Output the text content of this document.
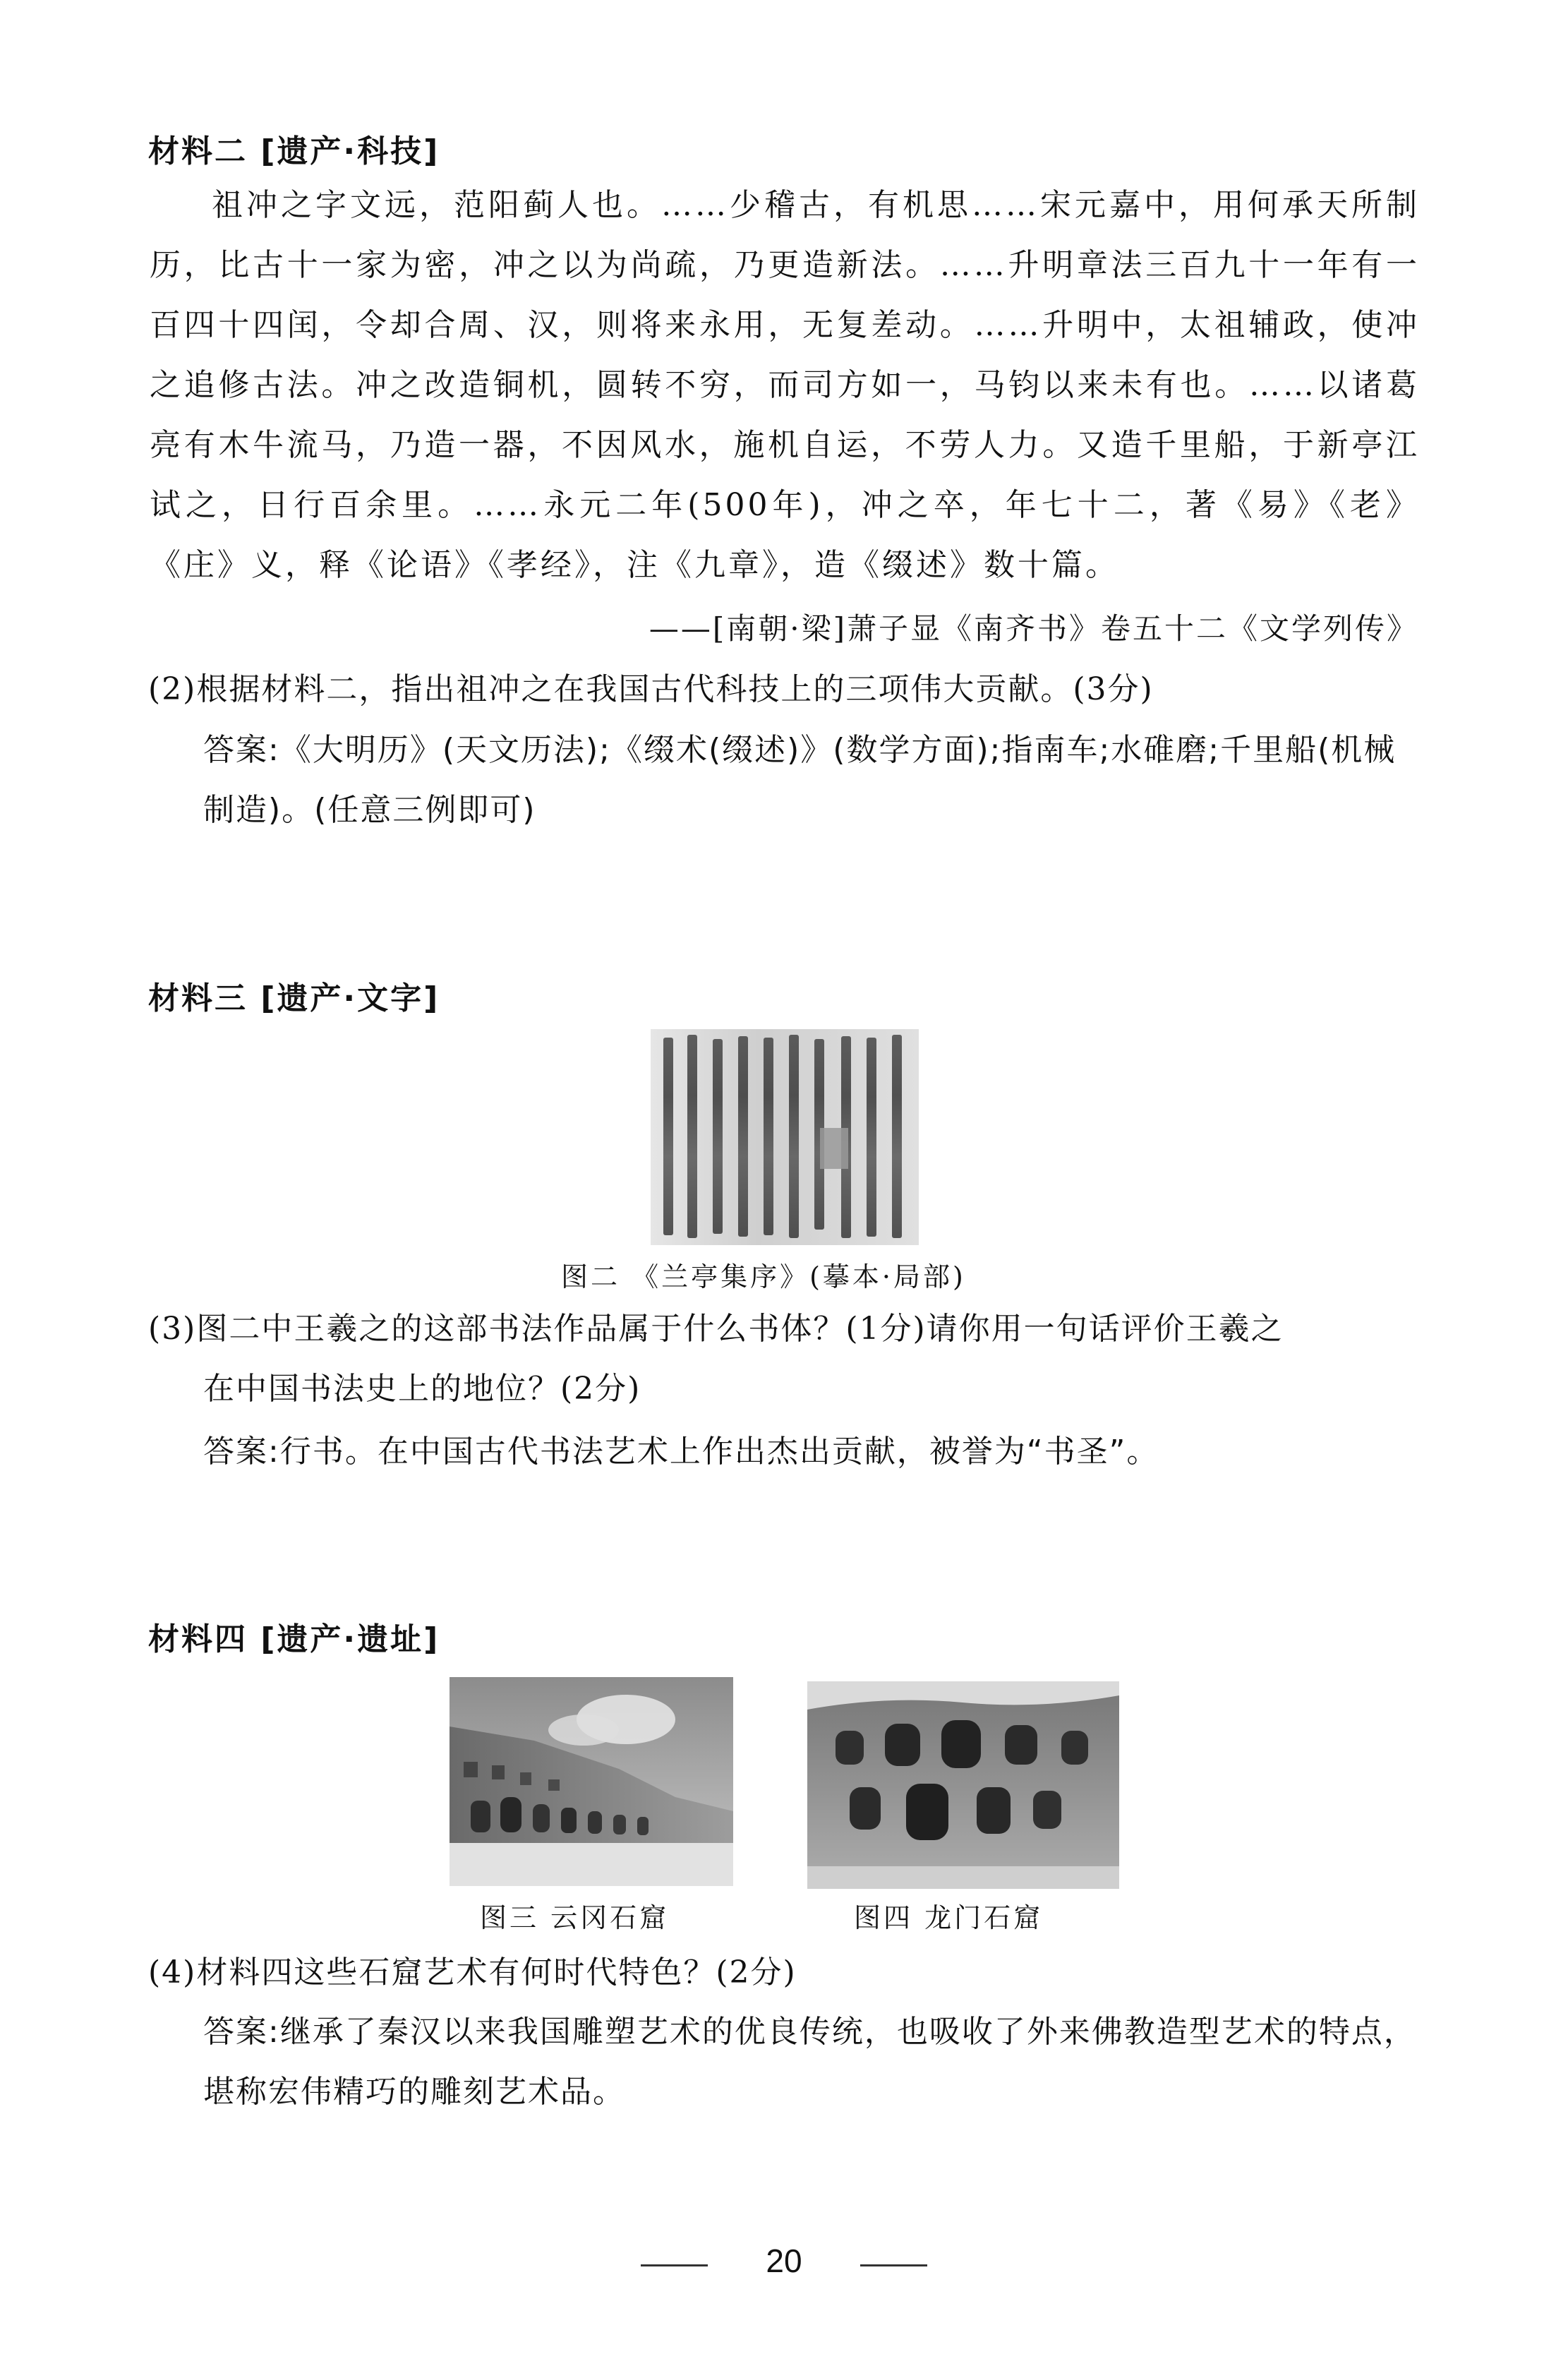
材料二 [遗产·科技]

祖冲之字文远，范阳蓟人也。……少稽古，有机思……宋元嘉中，用何承天所制历，比古十一家为密，冲之以为尚疏，乃更造新法。……升明章法三百九十一年有一百四十四闰，令却合周、汉，则将来永用，无复差动。……升明中，太祖辅政，使冲之追修古法。冲之改造铜机，圆转不穷，而司方如一，马钧以来未有也。……以诸葛亮有木牛流马，乃造一器，不因风水，施机自运，不劳人力。又造千里船，于新亭江试之，日行百余里。……永元二年(500年)，冲之卒，年七十二，著《易》《老》《庄》义，释《论语》《孝经》，注《九章》，造《缀述》数十篇。

——[南朝·梁]萧子显《南齐书》卷五十二《文学列传》

(2)根据材料二，指出祖冲之在我国古代科技上的三项伟大贡献。(3分)

答案:《大明历》(天文历法);《缀术(缀述)》(数学方面);指南车;水碓磨;千里船(机械制造)。(任意三例即可)
材料三 [遗产·文字]
图二 《兰亭集序》(摹本·局部)

(3)图二中王羲之的这部书法作品属于什么书体？(1分)请你用一句话评价王羲之

在中国书法史上的地位？(2分)

答案:行书。在中国古代书法艺术上作出杰出贡献，被誉为“书圣”。
材料四 [遗产·遗址]
图三 云冈石窟	图四 龙门石窟

(4)材料四这些石窟艺术有何时代特色？(2分)

答案:继承了秦汉以来我国雕塑艺术的优良传统，也吸收了外来佛教造型艺术的特点，堪称宏伟精巧的雕刻艺术品。
20
